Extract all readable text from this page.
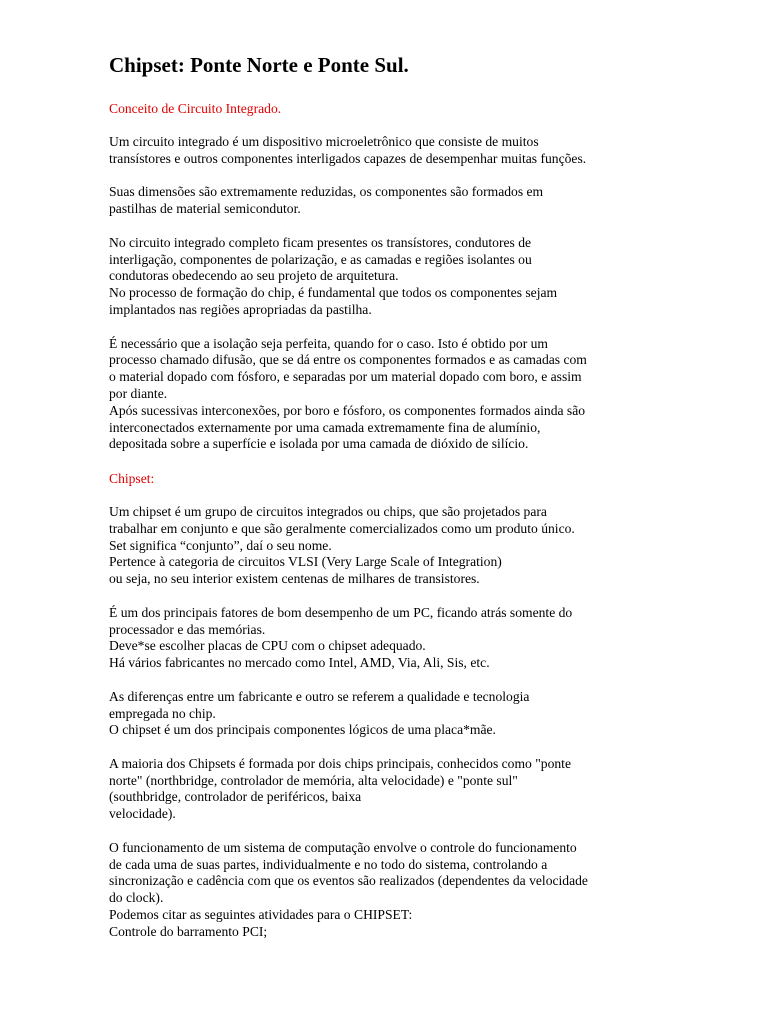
Chipset: Ponte Norte e Ponte Sul.
Conceito de Circuito Integrado.
Um circuito integrado é um dispositivo microeletrônico que consiste de muitos
transístores e outros componentes interligados capazes de desempenhar muitas funções.
Suas dimensões são extremamente reduzidas, os componentes são formados em
pastilhas de material semicondutor.
No circuito integrado completo ficam presentes os transístores, condutores de
interligação, componentes de polarização, e as camadas e regiões isolantes ou
condutoras obedecendo ao seu projeto de arquitetura.
No processo de formação do chip, é fundamental que todos os componentes sejam
implantados nas regiões apropriadas da pastilha.
É necessário que a isolação seja perfeita, quando for o caso. Isto é obtido por um
processo chamado difusão, que se dá entre os componentes formados e as camadas com
o material dopado com fósforo, e separadas por um material dopado com boro, e assim
por diante.
Após sucessivas interconexões, por boro e fósforo, os componentes formados ainda são
interconectados externamente por uma camada extremamente fina de alumínio,
depositada sobre a superfície e isolada por uma camada de dióxido de silício.
Chipset:
Um chipset é um grupo de circuitos integrados ou chips, que são projetados para
trabalhar em conjunto e que são geralmente comercializados como um produto único.
Set significa “conjunto”, daí o seu nome.
Pertence à categoria de circuitos VLSI (Very Large Scale of Integration)
ou seja, no seu interior existem centenas de milhares de transistores.
É um dos principais fatores de bom desempenho de um PC, ficando atrás somente do
processador e das memórias.
Deve*se escolher placas de CPU com o chipset adequado.
Há vários fabricantes no mercado como Intel, AMD, Via, Ali, Sis, etc.
As diferenças entre um fabricante e outro se referem a qualidade e tecnologia
empregada no chip.
O chipset é um dos principais componentes lógicos de uma placa*mãe.
A maioria dos Chipsets é formada por dois chips principais, conhecidos como "ponte
norte" (northbridge, controlador de memória, alta velocidade) e "ponte sul"
(southbridge, controlador de periféricos, baixa
velocidade).
O funcionamento de um sistema de computação envolve o controle do funcionamento
de cada uma de suas partes, individualmente e no todo do sistema, controlando a
sincronização e cadência com que os eventos são realizados (dependentes da velocidade
do clock).
Podemos citar as seguintes atividades para o CHIPSET:
Controle do barramento PCI;
